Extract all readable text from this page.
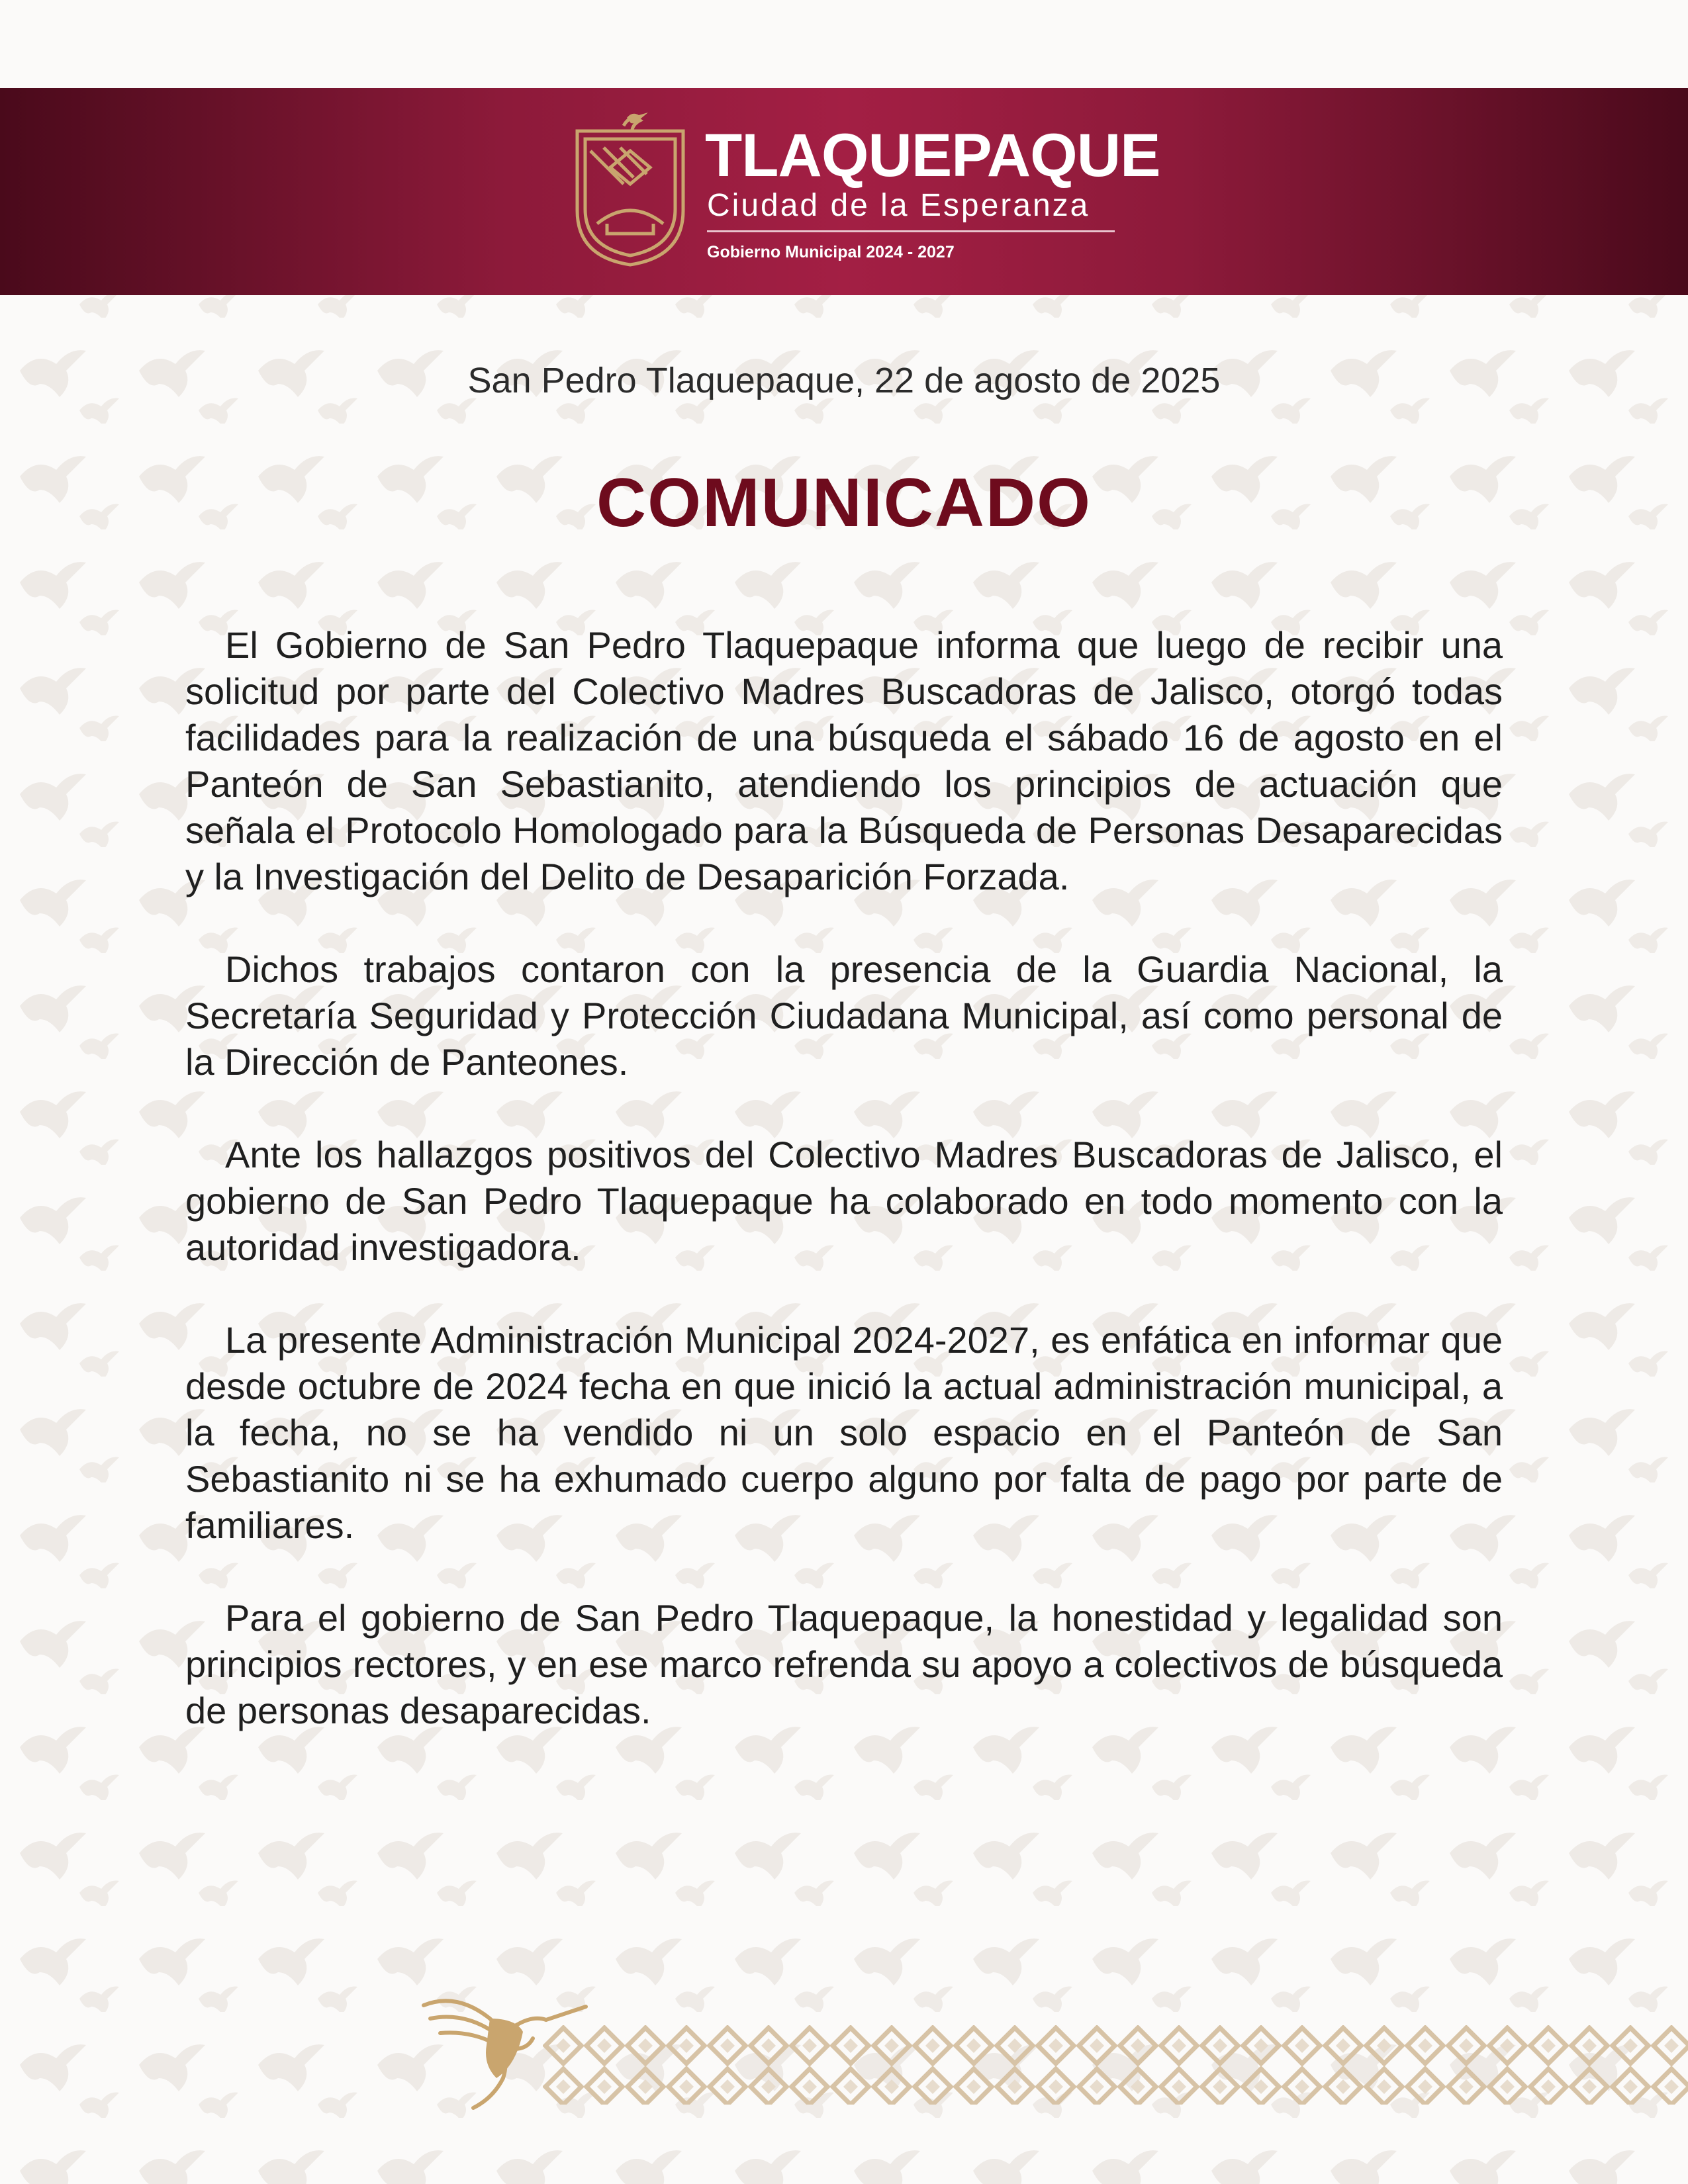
TLAQUEPAQUE
Ciudad de la Esperanza
Gobierno Municipal 2024 - 2027
San Pedro Tlaquepaque, 22 de agosto de 2025
COMUNICADO

El Gobierno de San Pedro Tlaquepaque informa que luego de recibir una solicitud por parte del Colectivo Madres Buscadoras de Jalisco, otorgó todas facilidades para la realización de una búsqueda el sábado 16 de agosto en el Panteón de San Sebastianito, atendiendo los principios de actuación que señala el Protocolo Homologado para la Búsqueda de Personas Desaparecidas y la Investigación del Delito de Desaparición Forzada.

Dichos trabajos contaron con la presencia de la Guardia Nacional, la Secretaría Seguridad y Protección Ciudadana Municipal, así como personal de la Dirección de Panteones.

Ante los hallazgos positivos del Colectivo Madres Buscadoras de Jalisco, el gobierno de San Pedro Tlaquepaque ha colaborado en todo momento con la autoridad investigadora.

La presente Administración Municipal 2024-2027, es enfática en informar que desde octubre de 2024 fecha en que inició la actual administración municipal, a la fecha, no se ha vendido ni un solo espacio en el Panteón de San Sebastianito ni se ha exhumado cuerpo alguno por falta de pago por parte de familiares.

Para el gobierno de San Pedro Tlaquepaque, la honestidad y legalidad son principios rectores, y en ese marco refrenda su apoyo a colectivos de búsqueda de personas desaparecidas.
